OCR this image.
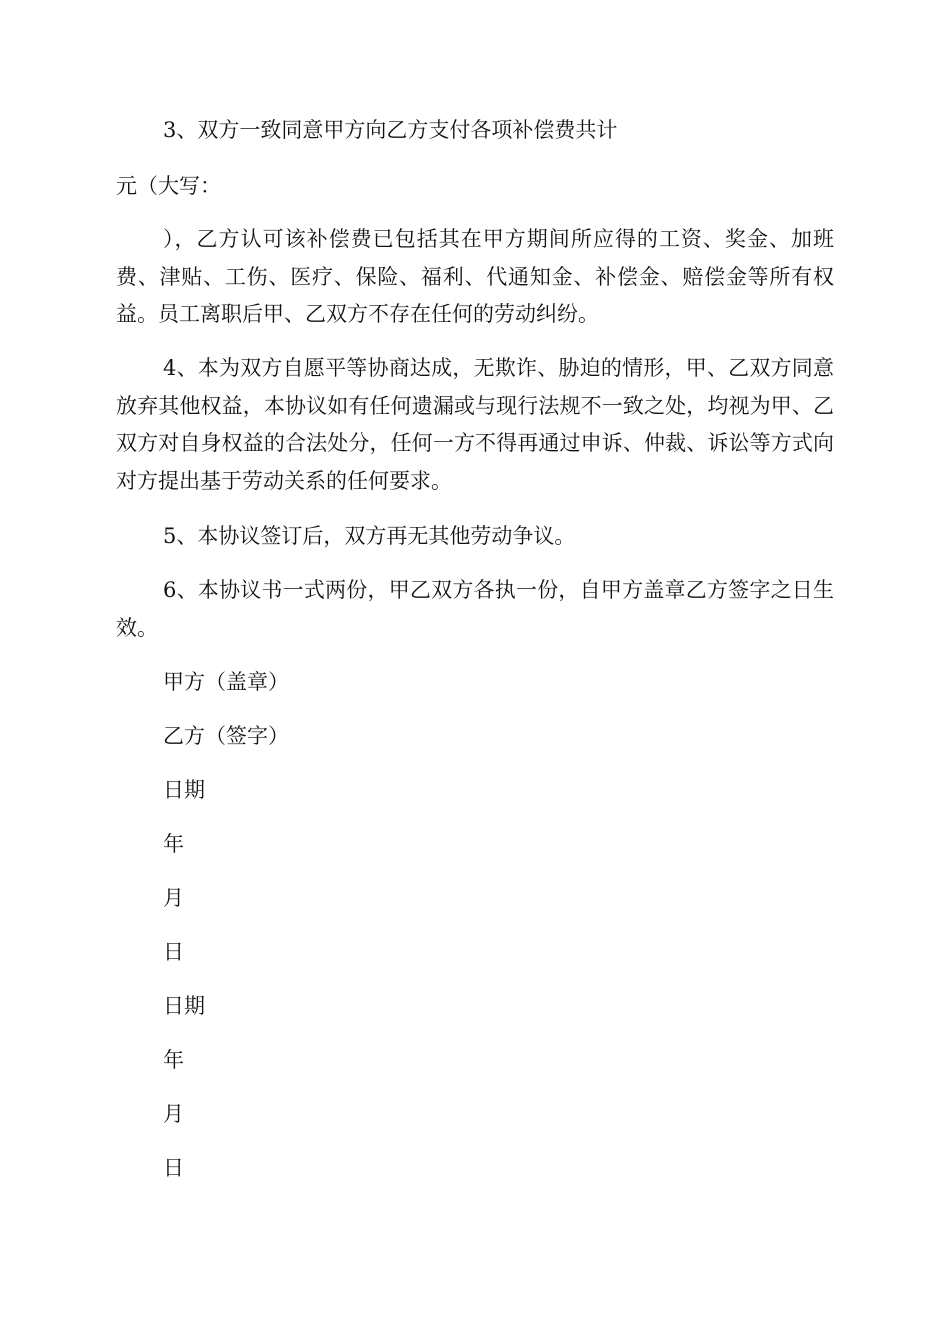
3、双方一致同意甲方向乙方支付各项补偿费共计
元（大写：

），乙方认可该补偿费已包括其在甲方期间所应得的工资、奖金、加班费、津贴、工伤、医疗、保险、福利、代通知金、补偿金、赔偿金等所有权益。员工离职后甲、乙双方不存在任何的劳动纠纷。

4、本为双方自愿平等协商达成，无欺诈、胁迫的情形，甲、乙双方同意放弃其他权益，本协议如有任何遗漏或与现行法规不一致之处，均视为甲、乙双方对自身权益的合法处分，任何一方不得再通过申诉、仲裁、诉讼等方式向对方提出基于劳动关系的任何要求。

5、本协议签订后，双方再无其他劳动争议。

6、本协议书一式两份，甲乙双方各执一份，自甲方盖章乙方签字之日生效。

甲方（盖章）
乙方（签字）
日期
年
月
日
日期
年
月
日
